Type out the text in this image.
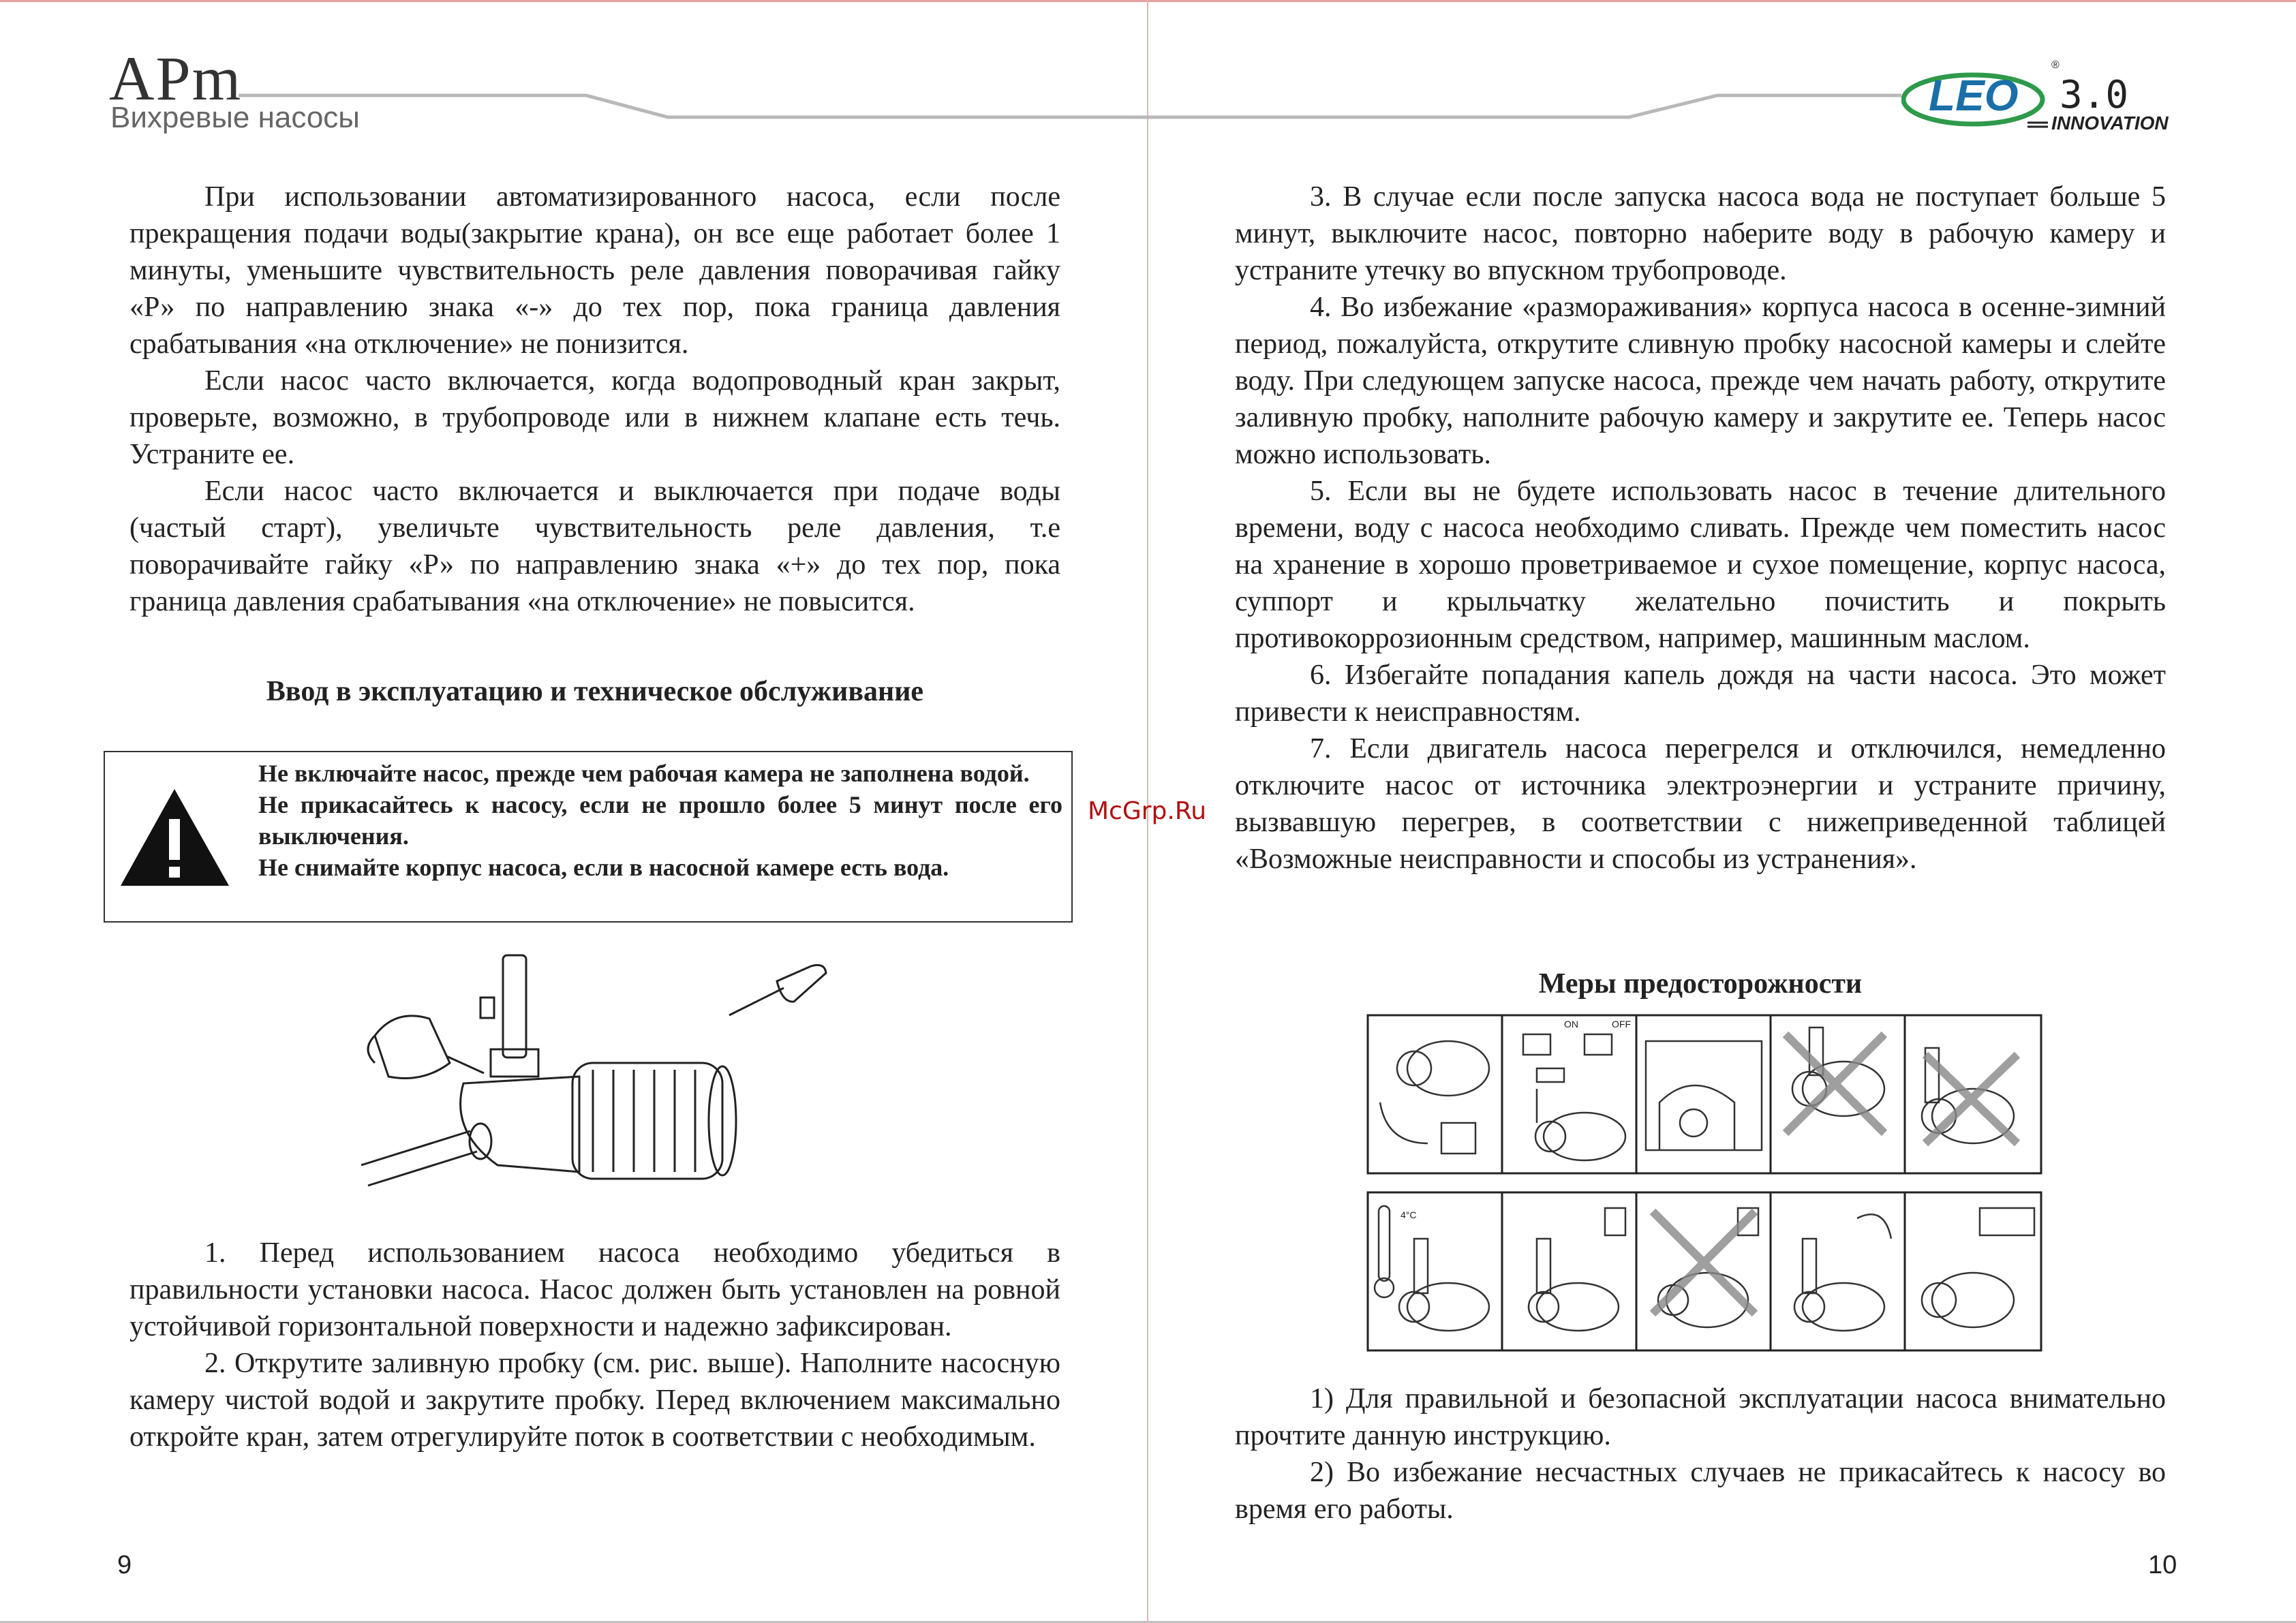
APm
Вихревые насосы	LEO 3.0
INNOVATION
®

При использовании автоматизированного насоса, если после прекращения подачи воды(закрытие крана), он все еще работает более 1 минуты, уменьшите чувствительность реле давления поворачивая гайку «Р» по направлению знака «-» до тех пор, пока граница давления срабатывания «на отключение» не понизится.

Если насос часто включается, когда водопроводный кран закрыт, проверьте, возможно, в трубопроводе или в нижнем клапане есть течь. Устраните ее.

Если насос часто включается и выключается при подаче воды (частый старт), увеличьте чувствительность реле давления, т.е поворачивайте гайку «Р» по направлению знака «+» до тех пор, пока граница давления срабатывания «на отключение» не повысится.

Ввод в эксплуатацию и техническое обслуживание
Не включайте насос, прежде чем рабочая камера не заполнена водой.
Не прикасайтесь к насосу, если не прошло более 5 минут после его выключения.
Не снимайте корпус насоса, если в насосной камере есть вода.

1. Перед использованием насоса необходимо убедиться в правильности установки насоса. Насос должен быть установлен на ровной устойчивой горизонтальной поверхности и надежно зафиксирован.

2. Открутите заливную пробку (см. рис. выше). Наполните насосную камеру чистой водой и закрутите пробку. Перед включением максимально откройте кран, затем отрегулируйте поток в соответствии с необходимым.

9
McGrp.Ru

3. В случае если после запуска насоса вода не поступает больше 5 минут, выключите насос, повторно наберите воду в рабочую камеру и устраните утечку во впускном трубопроводе.

4. Во избежание «размораживания» корпуса насоса в осенне-зимний период, пожалуйста, открутите сливную пробку насосной камеры и слейте воду. При следующем запуске насоса, прежде чем начать работу, открутите заливную пробку, наполните рабочую камеру и закрутите ее. Теперь насос можно использовать.

5. Если вы не будете использовать насос в течение длительного времени, воду с насоса необходимо сливать. Прежде чем поместить насос на хранение в хорошо проветриваемое и сухое помещение, корпус насоса, суппорт и крыльчатку желательно почистить и покрыть противокоррозионным средством, например, машинным маслом.

6. Избегайте попадания капель дождя на части насоса. Это может привести к неисправностям.

7. Если двигатель насоса перегрелся и отключился, немедленно отключите насос от источника электроэнергии и устраните причину, вызвавшую перегрев, в соответствии с нижеприведенной таблицей «Возможные неисправности и способы из устранения».

Меры предосторожности
ON	OFF
4°C

1) Для правильной и безопасной эксплуатации насоса внимательно прочтите данную инструкцию.

2) Во избежание несчастных случаев не прикасайтесь к насосу во время его работы.

10
